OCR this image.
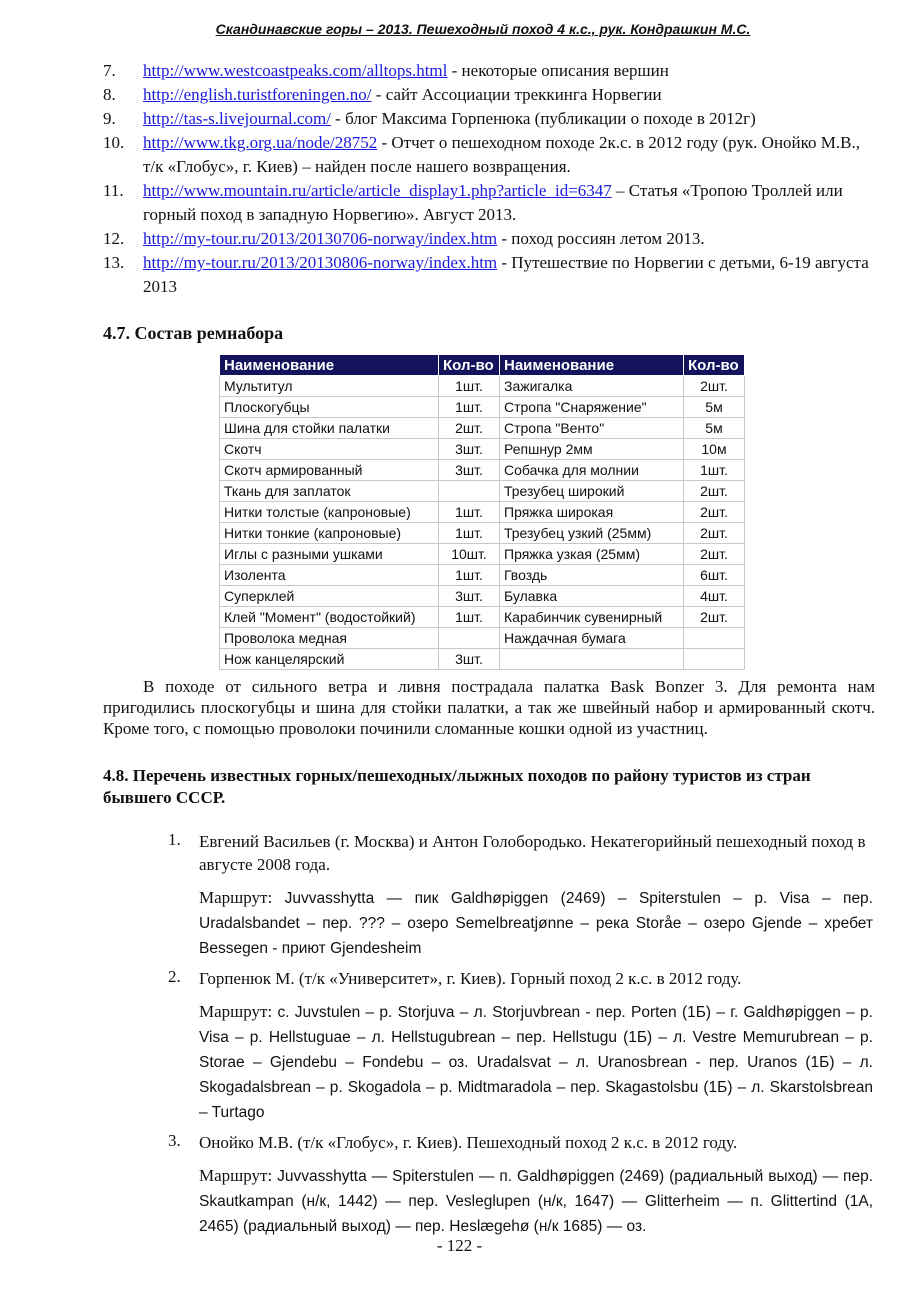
Скандинавские горы – 2013. Пешеходный поход 4 к.с., рук. Кондрашкин М.С.
7.	http://www.westcoastpeaks.com/alltops.html - некоторые описания вершин
8.	http://english.turistforeningen.no/ - сайт Ассоциации треккинга Норвегии
9.	http://tas-s.livejournal.com/ - блог Максима Горпенюка (публикации о походе в 2012г)
10.	http://www.tkg.org.ua/node/28752 - Отчет о пешеходном походе 2к.с. в 2012 году (рук. Онойко М.В., т/к «Глобус», г. Киев) – найден после нашего возвращения.
11.	http://www.mountain.ru/article/article_display1.php?article_id=6347 – Статья «Тропою Троллей или горный поход в западную Норвегию». Август 2013.
12.	http://my-tour.ru/2013/20130706-norway/index.htm - поход россиян летом 2013.
13.	http://my-tour.ru/2013/20130806-norway/index.htm - Путешествие по Норвегии с детьми, 6-19 августа 2013
4.7. Состав ремнабора
Наименование	Кол-во	Наименование	Кол-во
Мультитул	1шт.	Зажигалка	2шт.
Плоскогубцы	1шт.	Стропа "Снаряжение"	5м
Шина для стойки палатки	2шт.	Стропа "Венто"	5м
Скотч	3шт.	Репшнур 2мм	10м
Скотч армированный	3шт.	Собачка для молнии	1шт.
Ткань для заплаток		Трезубец широкий	2шт.
Нитки толстые (капроновые)	1шт.	Пряжка широкая	2шт.
Нитки тонкие (капроновые)	1шт.	Трезубец узкий (25мм)	2шт.
Иглы с разными ушками	10шт.	Пряжка узкая (25мм)	2шт.
Изолента	1шт.	Гвоздь	6шт.
Суперклей	3шт.	Булавка	4шт.
Клей "Момент" (водостойкий)	1шт.	Карабинчик сувенирный	2шт.
Проволока медная		Наждачная бумага	
Нож канцелярский	3шт.		
В походе от сильного ветра и ливня пострадала палатка Bask Bonzer 3. Для ремонта нам пригодились плоскогубцы и шина для стойки палатки, а так же швейный набор и армированный скотч. Кроме того, с помощью проволоки починили сломанные кошки одной из участниц.
4.8. Перечень известных горных/пешеходных/лыжных походов по району туристов из стран бывшего СССР.
1.	Евгений Васильев (г. Москва) и Антон Голобородько. Некатегорийный пешеходный поход в августе 2008 года.
Маршрут: Juvvasshytta — пик Galdhøpiggen (2469) – Spiterstulen – р. Visa – пер. Uradalsbandet – пер. ??? – озеро Semelbreatjønne – река Storåe – озеро Gjende – хребет Bessegen - приют Gjendesheim
2.	Горпенюк М. (т/к «Университет», г. Киев). Горный поход 2 к.с. в 2012 году.
Маршрут: с. Juvstulen – р. Storjuva – л. Storjuvbrean - пер. Porten (1Б) – г. Galdhøpiggen – р. Visa – р. Hellstuguae – л. Hellstugubrean – пер. Hellstugu (1Б) – л. Vestre Memurubrean – р. Storae – Gjendebu – Fondebu – оз. Uradalsvat – л. Uranosbrean - пер. Uranos (1Б) – л. Skogadalsbrean – р. Skogadola – р. Midtmaradola – пер. Skagastolsbu (1Б) – л. Skarstolsbrean – Turtago
3.	Онойко М.В. (т/к «Глобус», г. Киев). Пешеходный поход 2 к.с. в 2012 году.
Маршрут: Juvvasshytta — Spiterstulen — п. Galdhøpiggen (2469) (радиальный выход) — пер. Skautkampan (н/к, 1442) — пер. Vesleglupen (н/к, 1647) — Glitterheim — п. Glittertind (1А, 2465) (радиальный выход) — пер. Heslægehø (н/к 1685) — оз.
- 122 -
